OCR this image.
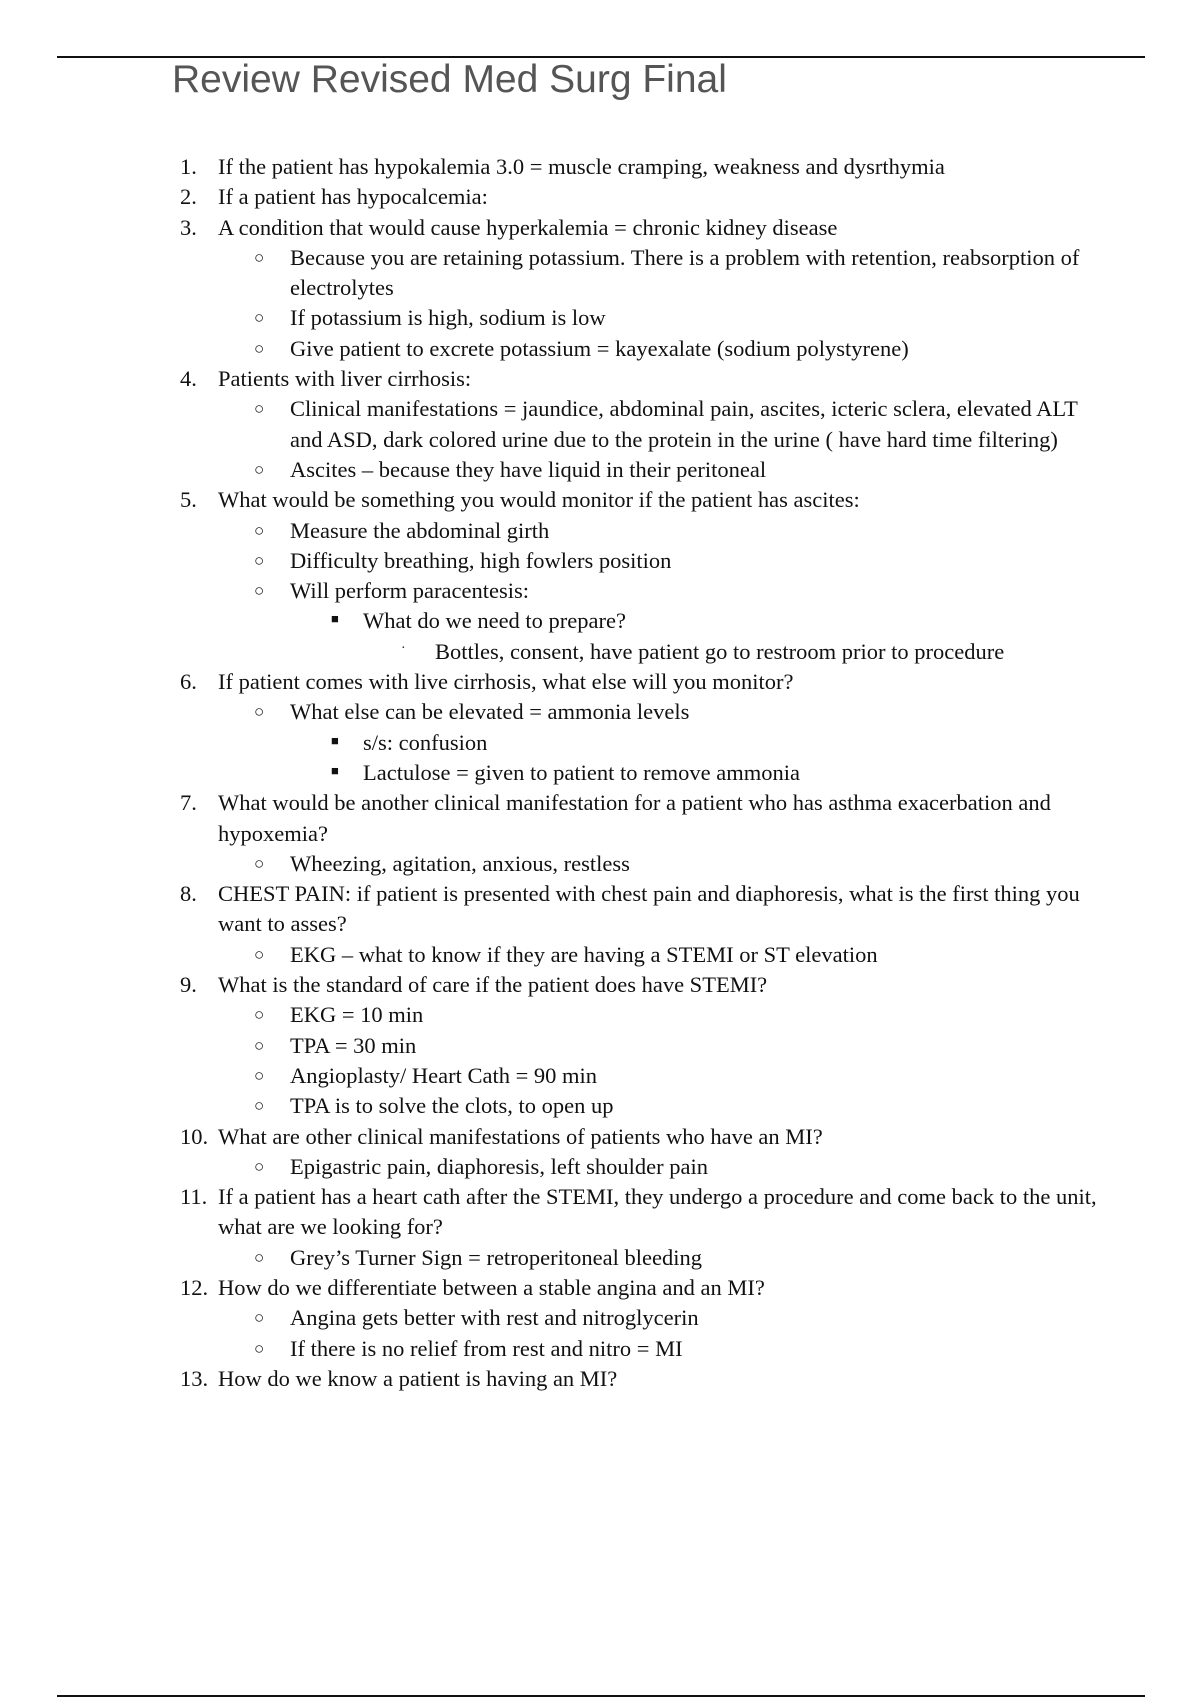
Review Revised Med Surg Final
1. If the patient has hypokalemia 3.0 = muscle cramping, weakness and dysrthymia
2. If a patient has hypocalcemia:
3. A condition that would cause hyperkalemia = chronic kidney disease
○ Because you are retaining potassium. There is a problem with retention, reabsorption of electrolytes
○ If potassium is high, sodium is low
○ Give patient to excrete potassium = kayexalate (sodium polystyrene)
4. Patients with liver cirrhosis:
○ Clinical manifestations = jaundice, abdominal pain, ascites, icteric sclera, elevated ALT and ASD, dark colored urine due to the protein in the urine ( have hard time filtering)
○ Ascites – because they have liquid in their peritoneal
5. What would be something you would monitor if the patient has ascites:
○ Measure the abdominal girth
○ Difficulty breathing, high fowlers position
○ Will perform paracentesis:
■ What do we need to prepare?
· Bottles, consent, have patient go to restroom prior to procedure
6. If patient comes with live cirrhosis, what else will you monitor?
○ What else can be elevated = ammonia levels
■ s/s: confusion
■ Lactulose = given to patient to remove ammonia
7. What would be another clinical manifestation for a patient who has asthma exacerbation and hypoxemia?
○ Wheezing, agitation, anxious, restless
8. CHEST PAIN: if patient is presented with chest pain and diaphoresis, what is the first thing you want to asses?
○ EKG – what to know if they are having a STEMI or ST elevation
9. What is the standard of care if the patient does have STEMI?
○ EKG = 10 min
○ TPA = 30 min
○ Angioplasty/ Heart Cath = 90 min
○ TPA is to solve the clots, to open up
10. What are other clinical manifestations of patients who have an MI?
○ Epigastric pain, diaphoresis, left shoulder pain
11. If a patient has a heart cath after the STEMI, they undergo a procedure and come back to the unit, what are we looking for?
○ Grey’s Turner Sign = retroperitoneal bleeding
12. How do we differentiate between a stable angina and an MI?
○ Angina gets better with rest and nitroglycerin
○ If there is no relief from rest and nitro = MI
13. How do we know a patient is having an MI?
